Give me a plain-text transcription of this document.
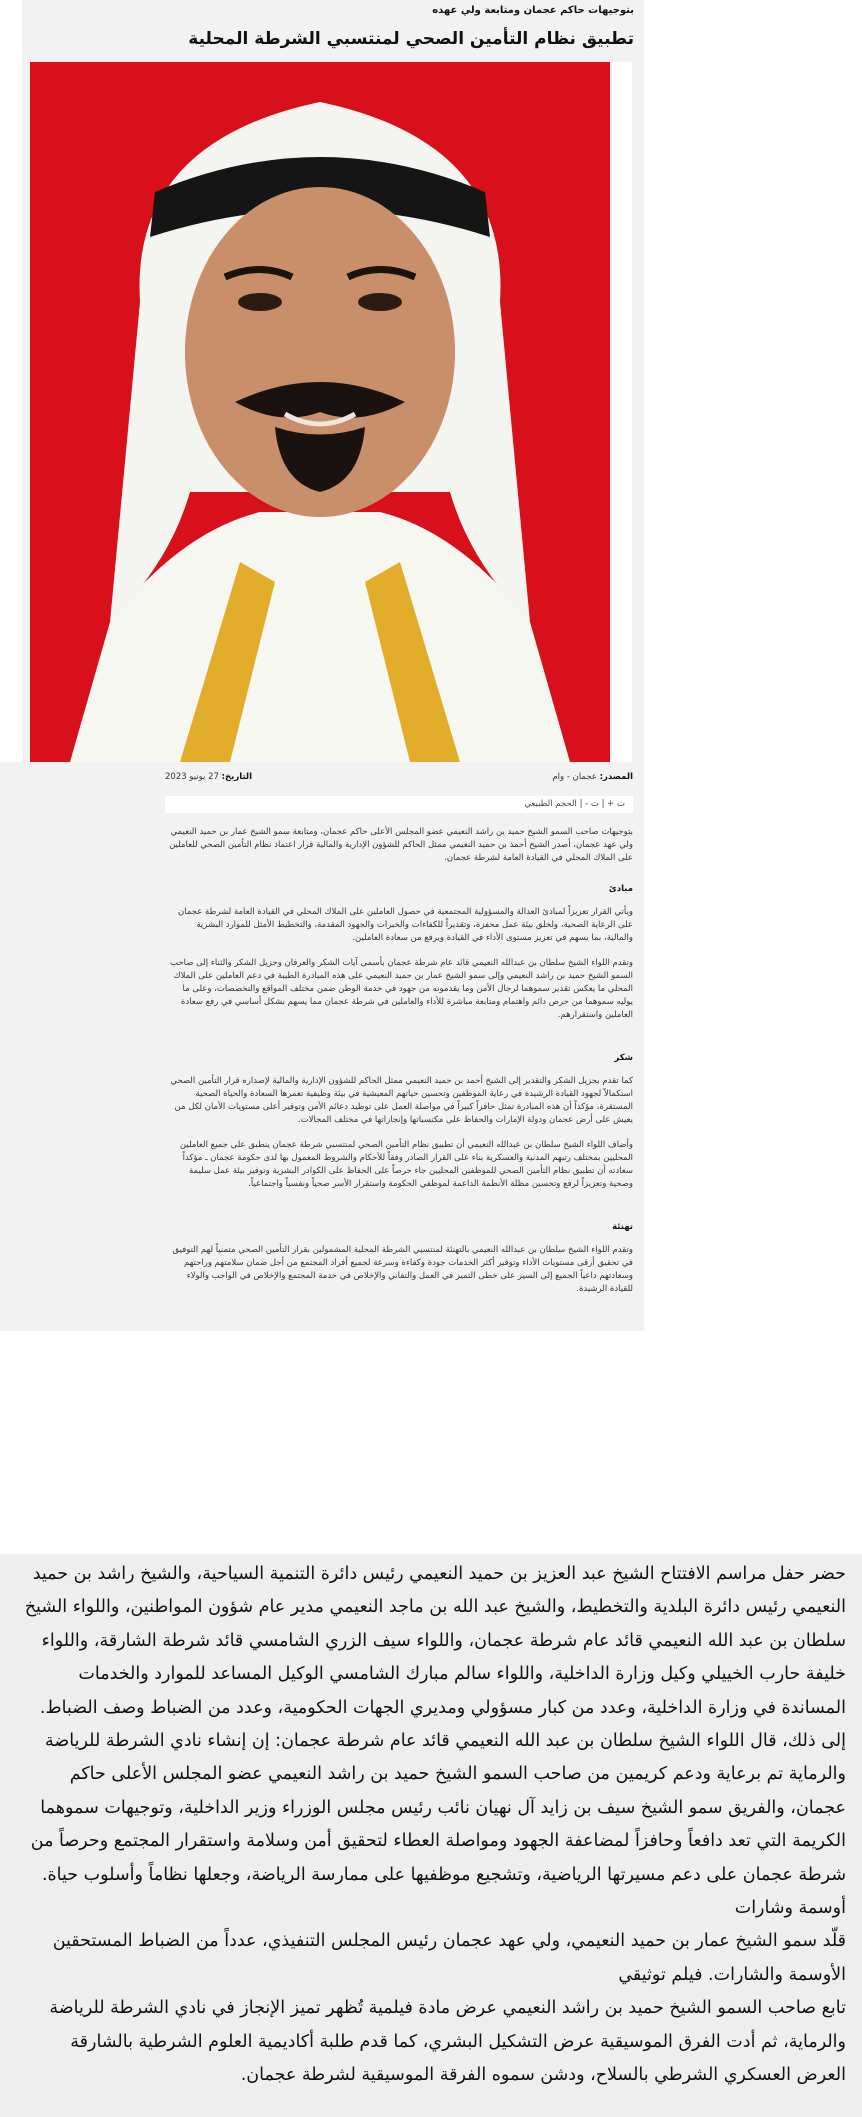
بتوجيهات حاكم عجمان ومتابعة ولي عهده
تطبيق نظام التأمين الصحي لمنتسبي الشرطة المحلية
المصدر: عجمان - وام
التاريخ: 27 يونيو 2023
ت + | ت - | الحجم الطبيعي

بتوجيهات صاحب السمو الشيخ حميد بن راشد النعيمي عضو المجلس الأعلى حاكم عجمان، ومتابعة سمو الشيخ عمار بن حميد النعيمي ولي عهد عجمان، أصدر الشيخ أحمد بن حميد النعيمي ممثل الحاكم للشؤون الإدارية والمالية قرار اعتماد نظام التأمين الصحي للعاملين على الملاك المحلي في القيادة العامة لشرطة عجمان.

مبادئ

ويأتي القرار تعزيزاً لمبادئ العدالة والمسؤولية المجتمعية في حصول العاملين على الملاك المحلي في القيادة العامة لشرطة عجمان على الرعاية الصحية، ولخلق بيئة عمل محفزة، وتقديراً للكفاءات والخبرات والجهود المقدمة، والتخطيط الأمثل للموارد البشرية والمالية، بما يسهم في تعزيز مستوى الأداء في القيادة ويرفع من سعادة العاملين.

وتقدم اللواء الشيخ سلطان بن عبدالله النعيمي قائد عام شرطة عجمان بأسمى آيات الشكر والعرفان وجزيل الشكر والثناء إلى صاحب السمو الشيخ حميد بن راشد النعيمي وإلى سمو الشيخ عمار بن حميد النعيمي على هذه المبادرة الطيبة في دعم العاملين على الملاك المحلي ما يعكس تقدير سموهما لرجال الأمن وما يقدمونه من جهود في خدمة الوطن ضمن مختلف المواقع والتخصصات، وعلى ما يوليه سموهما من حرص دائم واهتمام ومتابعة مباشرة للأداء والعاملين في شرطة عجمان مما يسهم بشكل أساسي في رفع سعادة العاملين واستقرارهم.

شكر

كما تقدم بجزيل الشكر والتقدير إلى الشيخ أحمد بن حميد النعيمي ممثل الحاكم للشؤون الإدارية والمالية لإصداره قرار التأمين الصحي استكمالاً لجهود القيادة الرشيدة في رعاية الموظفين وتحسين حياتهم المعيشية في بيئة وظيفية تغمرها السعادة والحياة الصحية المستقرة، مؤكداً أن هذه المبادرة تمثل حافزاً كبيراً في مواصلة العمل على توطيد دعائم الأمن وتوفير أعلى مستويات الأمان لكل من يعيش على أرض عجمان ودولة الإمارات والحفاظ على مكتسباتها وإنجازاتها في مختلف المجالات.

وأضاف اللواء الشيخ سلطان بن عبدالله النعيمي أن تطبيق نظام التأمين الصحي لمنتسبي شرطة عجمان ينطبق على جميع العاملين المحليين بمختلف رتبهم المدنية والعسكرية بناء على القرار الصادر وفقاً للأحكام والشروط المعمول بها لدى حكومة عجمان ـ مؤكداً سعادته أن تطبيق نظام التأمين الصحي للموظفين المحليين جاء حرصاً على الحفاظ على الكوادر البشرية وتوفير بيئة عمل سليمة وصحية وتعزيزاً لرفع وتحسين مظلة الأنظمة الداعمة لموظفي الحكومة واستقرار الأسر صحياً ونفسياً واجتماعياً.

تهنئة

وتقدم اللواء الشيخ سلطان بن عبدالله النعيمي بالتهنئة لمنتسبي الشرطة المحلية المشمولين بقرار التأمين الصحي متمنياً لهم التوفيق في تحقيق أرقى مستويات الأداء وتوفير أكثر الخدمات جودة وكفاءة وسرعة لجميع أفراد المجتمع من أجل ضمان سلامتهم وراحتهم وسعادتهم داعياً الجميع إلى السير على خطى التميز في العمل والتفاني والإخلاص في خدمة المجتمع والإخلاص في الواجب والولاء للقيادة الرشيدة.

حضر حفل مراسم الافتتاح الشيخ عبد العزيز بن حميد النعيمي رئيس دائرة التنمية السياحية، والشيخ راشد بن حميد النعيمي رئيس دائرة البلدية والتخطيط، والشيخ عبد الله بن ماجد النعيمي مدير عام شؤون المواطنين، واللواء الشيخ سلطان بن عبد الله النعيمي قائد عام شرطة عجمان، واللواء سيف الزري الشامسي قائد شرطة الشارقة، واللواء خليفة حارب الخييلي وكيل وزارة الداخلية، واللواء سالم مبارك الشامسي الوكيل المساعد للموارد والخدمات المساندة في وزارة الداخلية، وعدد من كبار مسؤولي ومديري الجهات الحكومية، وعدد من الضباط وصف الضباط.

إلى ذلك، قال اللواء الشيخ سلطان بن عبد الله النعيمي قائد عام شرطة عجمان: إن إنشاء نادي الشرطة للرياضة والرماية تم برعاية ودعم كريمين من صاحب السمو الشيخ حميد بن راشد النعيمي عضو المجلس الأعلى حاكم عجمان، والفريق سمو الشيخ سيف بن زايد آل نهيان نائب رئيس مجلس الوزراء وزير الداخلية، وتوجيهات سموهما الكريمة التي تعد دافعاً وحافزاً لمضاعفة الجهود ومواصلة العطاء لتحقيق أمن وسلامة واستقرار المجتمع وحرصاً من شرطة عجمان على دعم مسيرتها الرياضية، وتشجيع موظفيها على ممارسة الرياضة، وجعلها نظاماً وأسلوب حياة. أوسمة وشارات

قلّد سمو الشيخ عمار بن حميد النعيمي، ولي عهد عجمان رئيس المجلس التنفيذي، عدداً من الضباط المستحقين الأوسمة والشارات. فيلم توثيقي

تابع صاحب السمو الشيخ حميد بن راشد النعيمي عرض مادة فيلمية تُظهر تميز الإنجاز في نادي الشرطة للرياضة والرماية، ثم أدت الفرق الموسيقية عرض التشكيل البشري، كما قدم طلبة أكاديمية العلوم الشرطية بالشارقة العرض العسكري الشرطي بالسلاح، ودشن سموه الفرقة الموسيقية لشرطة عجمان.
